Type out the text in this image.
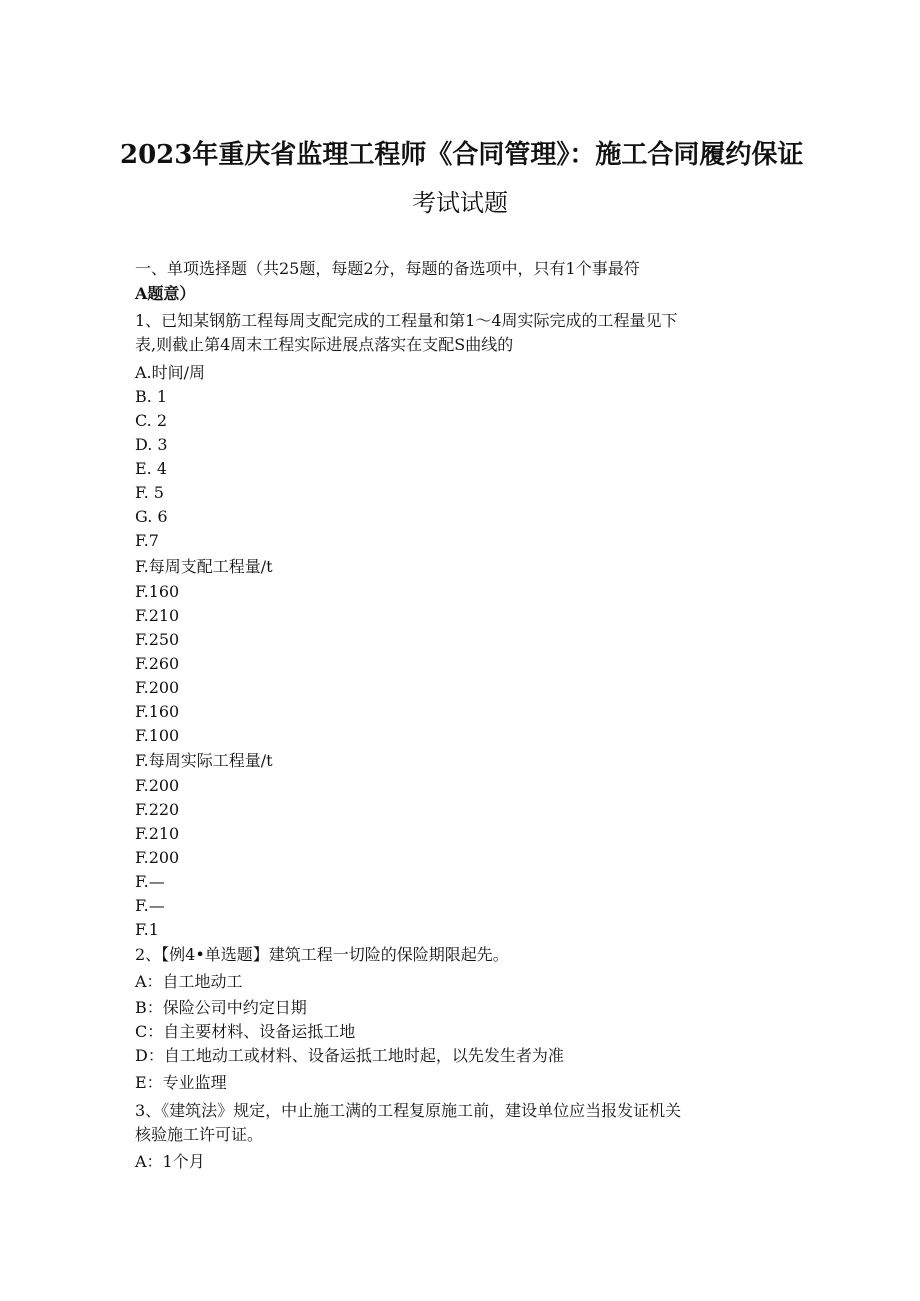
2023年重庆省监理工程师《合同管理》：施工合同履约保证
考试试题
一、单项选择题（共25题，每题2分，每题的备选项中，只有1个事最符
A题意）
1、已知某钢筋工程每周支配完成的工程量和第1～4周实际完成的工程量见下
表,则截止第4周末工程实际进展点落实在支配S曲线的
A.时间/周
B. 1
C. 2
D. 3
E. 4
F. 5
G. 6
F.7
F.每周支配工程量/t
F.160
F.210
F.250
F.260
F.200
F.160
F.100
F.每周实际工程量/t
F.200
F.220
F.210
F.200
F.—
F.—
F.1
2、【例4•单选题】建筑工程一切险的保险期限起先。
A：自工地动工
B：保险公司中约定日期
C：自主要材料、设备运抵工地
D：自工地动工或材料、设备运抵工地时起，以先发生者为准
E：专业监理
3、《建筑法》规定，中止施工满的工程复原施工前，建设单位应当报发证机关
核验施工许可证。
A：1个月
